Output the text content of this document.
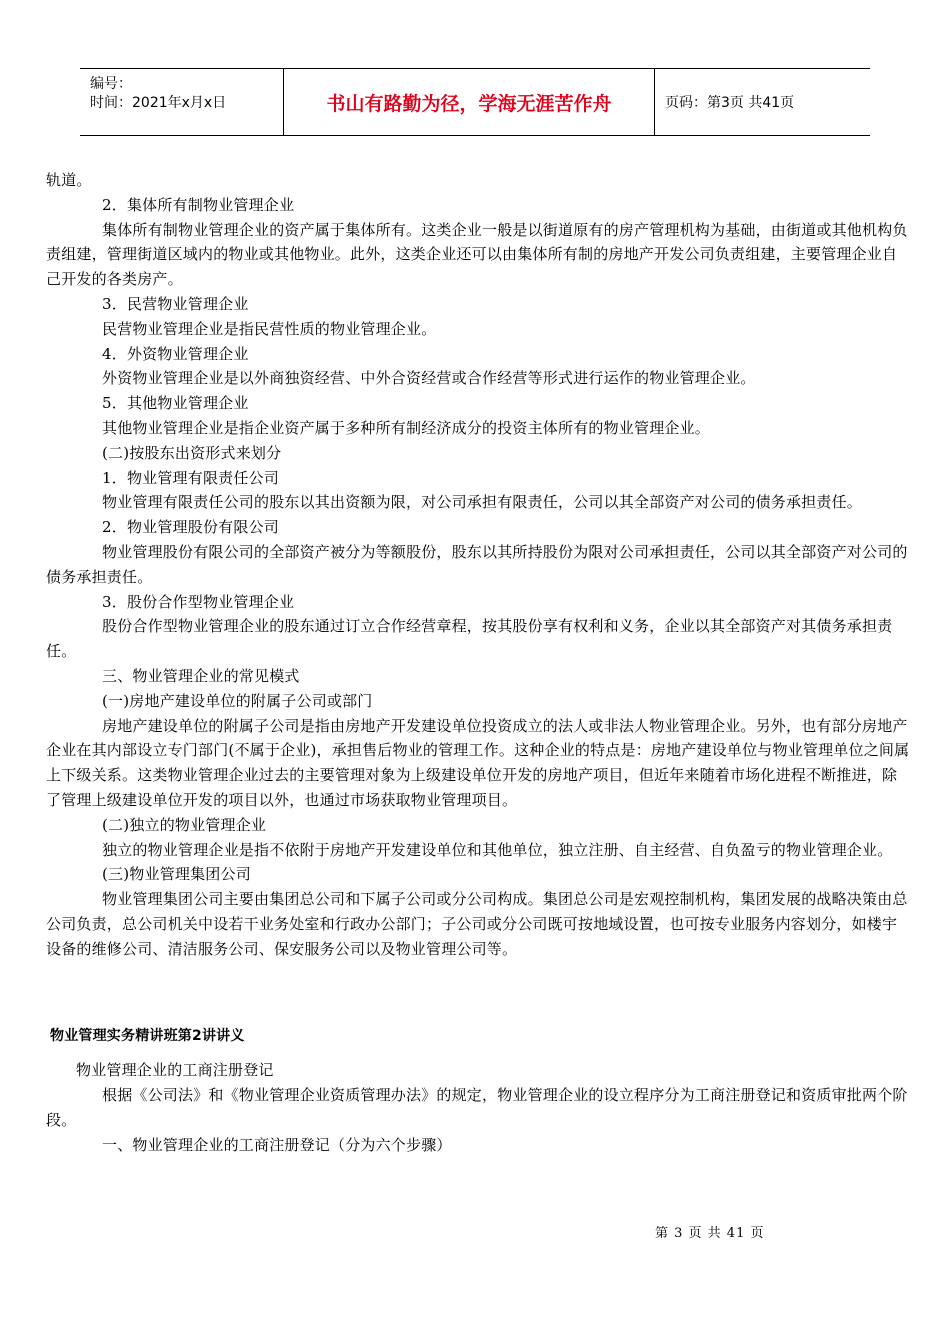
编号：
时间：2021年x月x日	书山有路勤为径，学海无涯苦作舟	页码：第3页 共41页

轨道。

2．集体所有制物业管理企业

集体所有制物业管理企业的资产属于集体所有。这类企业一般是以街道原有的房产管理机构为基础，由街道或其他机构负责组建，管理街道区域内的物业或其他物业。此外，这类企业还可以由集体所有制的房地产开发公司负责组建，主要管理企业自己开发的各类房产。

3．民营物业管理企业

民营物业管理企业是指民营性质的物业管理企业。

4．外资物业管理企业

外资物业管理企业是以外商独资经营、中外合资经营或合作经营等形式进行运作的物业管理企业。

5．其他物业管理企业

其他物业管理企业是指企业资产属于多种所有制经济成分的投资主体所有的物业管理企业。

(二)按股东出资形式来划分

1．物业管理有限责任公司

物业管理有限责任公司的股东以其出资额为限，对公司承担有限责任，公司以其全部资产对公司的债务承担责任。

2．物业管理股份有限公司

物业管理股份有限公司的全部资产被分为等额股份，股东以其所持股份为限对公司承担责任，公司以其全部资产对公司的债务承担责任。

3．股份合作型物业管理企业

股份合作型物业管理企业的股东通过订立合作经营章程，按其股份享有权利和义务，企业以其全部资产对其债务承担责任。

三、物业管理企业的常见模式

(一)房地产建设单位的附属子公司或部门

房地产建设单位的附属子公司是指由房地产开发建设单位投资成立的法人或非法人物业管理企业。另外，也有部分房地产企业在其内部设立专门部门(不属于企业)，承担售后物业的管理工作。这种企业的特点是：房地产建设单位与物业管理单位之间属上下级关系。这类物业管理企业过去的主要管理对象为上级建设单位开发的房地产项目，但近年来随着市场化进程不断推进，除了管理上级建设单位开发的项目以外，也通过市场获取物业管理项目。

(二)独立的物业管理企业

独立的物业管理企业是指不依附于房地产开发建设单位和其他单位，独立注册、自主经营、自负盈亏的物业管理企业。

(三)物业管理集团公司

物业管理集团公司主要由集团总公司和下属子公司或分公司构成。集团总公司是宏观控制机构，集团发展的战略决策由总公司负责，总公司机关中设若干业务处室和行政办公部门；子公司或分公司既可按地域设置，也可按专业服务内容划分，如楼宇设备的维修公司、清洁服务公司、保安服务公司以及物业管理公司等。

物业管理实务精讲班第2讲讲义

物业管理企业的工商注册登记

根据《公司法》和《物业管理企业资质管理办法》的规定，物业管理企业的设立程序分为工商注册登记和资质审批两个阶段。

一、物业管理企业的工商注册登记（分为六个步骤）

第 3 页 共 41 页
